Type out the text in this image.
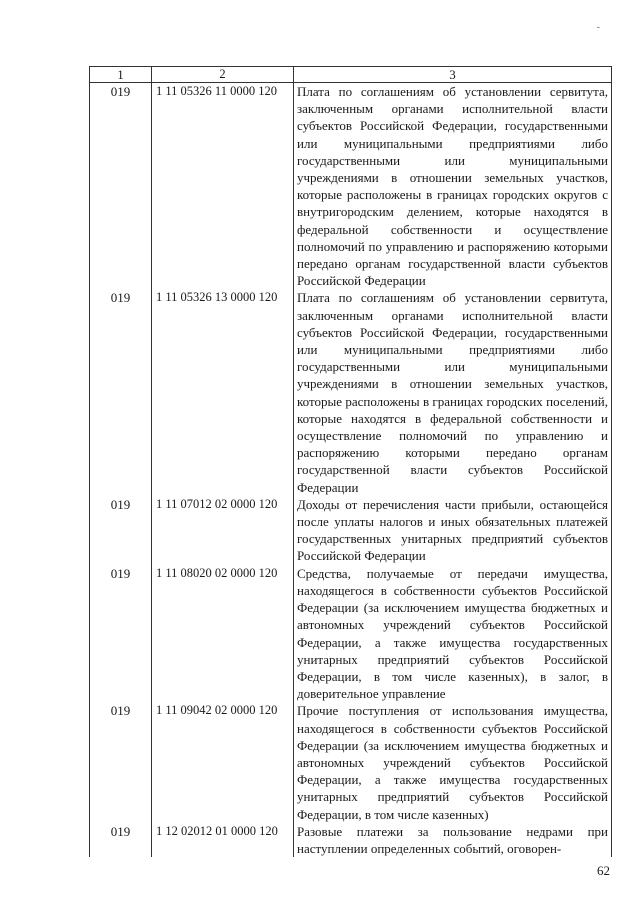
-
1	2	3
019	1 11 05326 11 0000 120	Плата по соглашениям об установлении сервитута, заключенным органами исполнительной власти субъектов Российской Федерации, государственными или муниципальными предприятиями либо государственными или муниципальными учреждениями в отношении земельных участков, которые расположены в границах городских округов с внутригородским делением, которые находятся в федеральной собственности и осуществление полномочий по управлению и распоряжению которыми передано органам государственной власти субъектов Российской Федерации
019	1 11 05326 13 0000 120	Плата по соглашениям об установлении сервитута, заключенным органами исполнительной власти субъектов Российской Федерации, государственными или муниципальными предприятиями либо государственными или муниципальными учреждениями в отношении земельных участков, которые расположены в границах городских поселений, которые находятся в федеральной собственности и осуществление полномочий по управлению и распоряжению которыми передано органам государственной власти субъектов Российской Федерации
019	1 11 07012 02 0000 120	Доходы от перечисления части прибыли, остающейся после уплаты налогов и иных обязательных платежей государственных унитарных предприятий субъектов Российской Федерации
019	1 11 08020 02 0000 120	Средства, получаемые от передачи имущества, находящегося в собственности субъектов Российской Федерации (за исключением имущества бюджетных и автономных учреждений субъектов Российской Федерации, а также имущества государственных унитарных предприятий субъектов Российской Федерации, в том числе казенных), в залог, в доверительное управление
019	1 11 09042 02 0000 120	Прочие поступления от использования имущества, находящегося в собственности субъектов Российской Федерации (за исключением имущества бюджетных и автономных учреждений субъектов Российской Федерации, а также имущества государственных унитарных предприятий субъектов Российской Федерации, в том числе казенных)
019	1 12 02012 01 0000 120	Разовые платежи за пользование недрами при наступлении определенных событий, оговорен-
62
